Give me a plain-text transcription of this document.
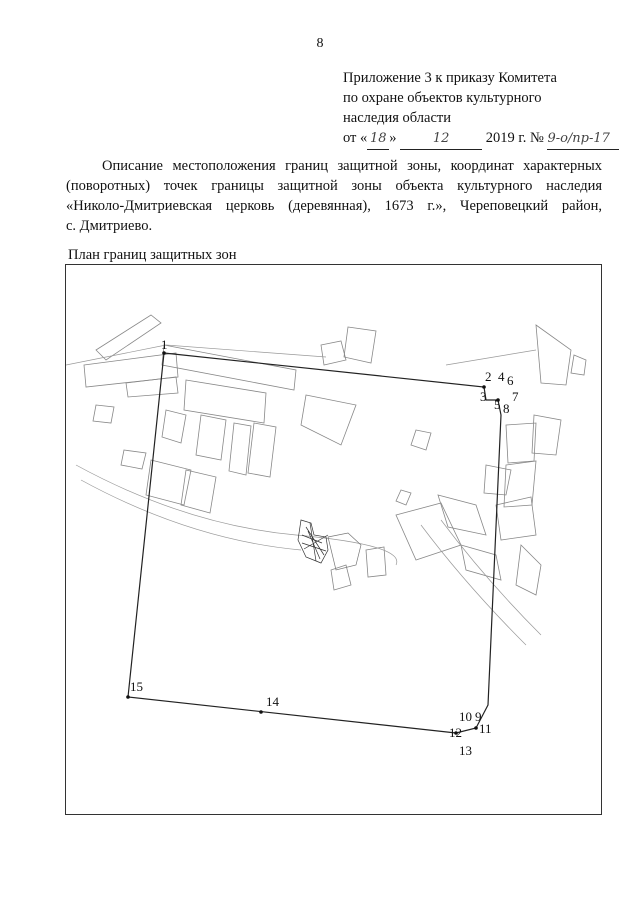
8
Приложение 3 к приказу Комитета
по охране объектов культурного
наследия области
от « 18 »	12	2019 г. № 9-о/пр-17
Описание местоположения границ защитной зоны, координат характерных
(поворотных) точек границы защитной зоны объекта культурного наследия
«Николо-Дмитриевская церковь (деревянная), 1673 г.», Череповецкий район,
с. Дмитриево.
План границ защитных зон
1
2
3
4
5
6
7
8
9
10
11
12
13
14
15
